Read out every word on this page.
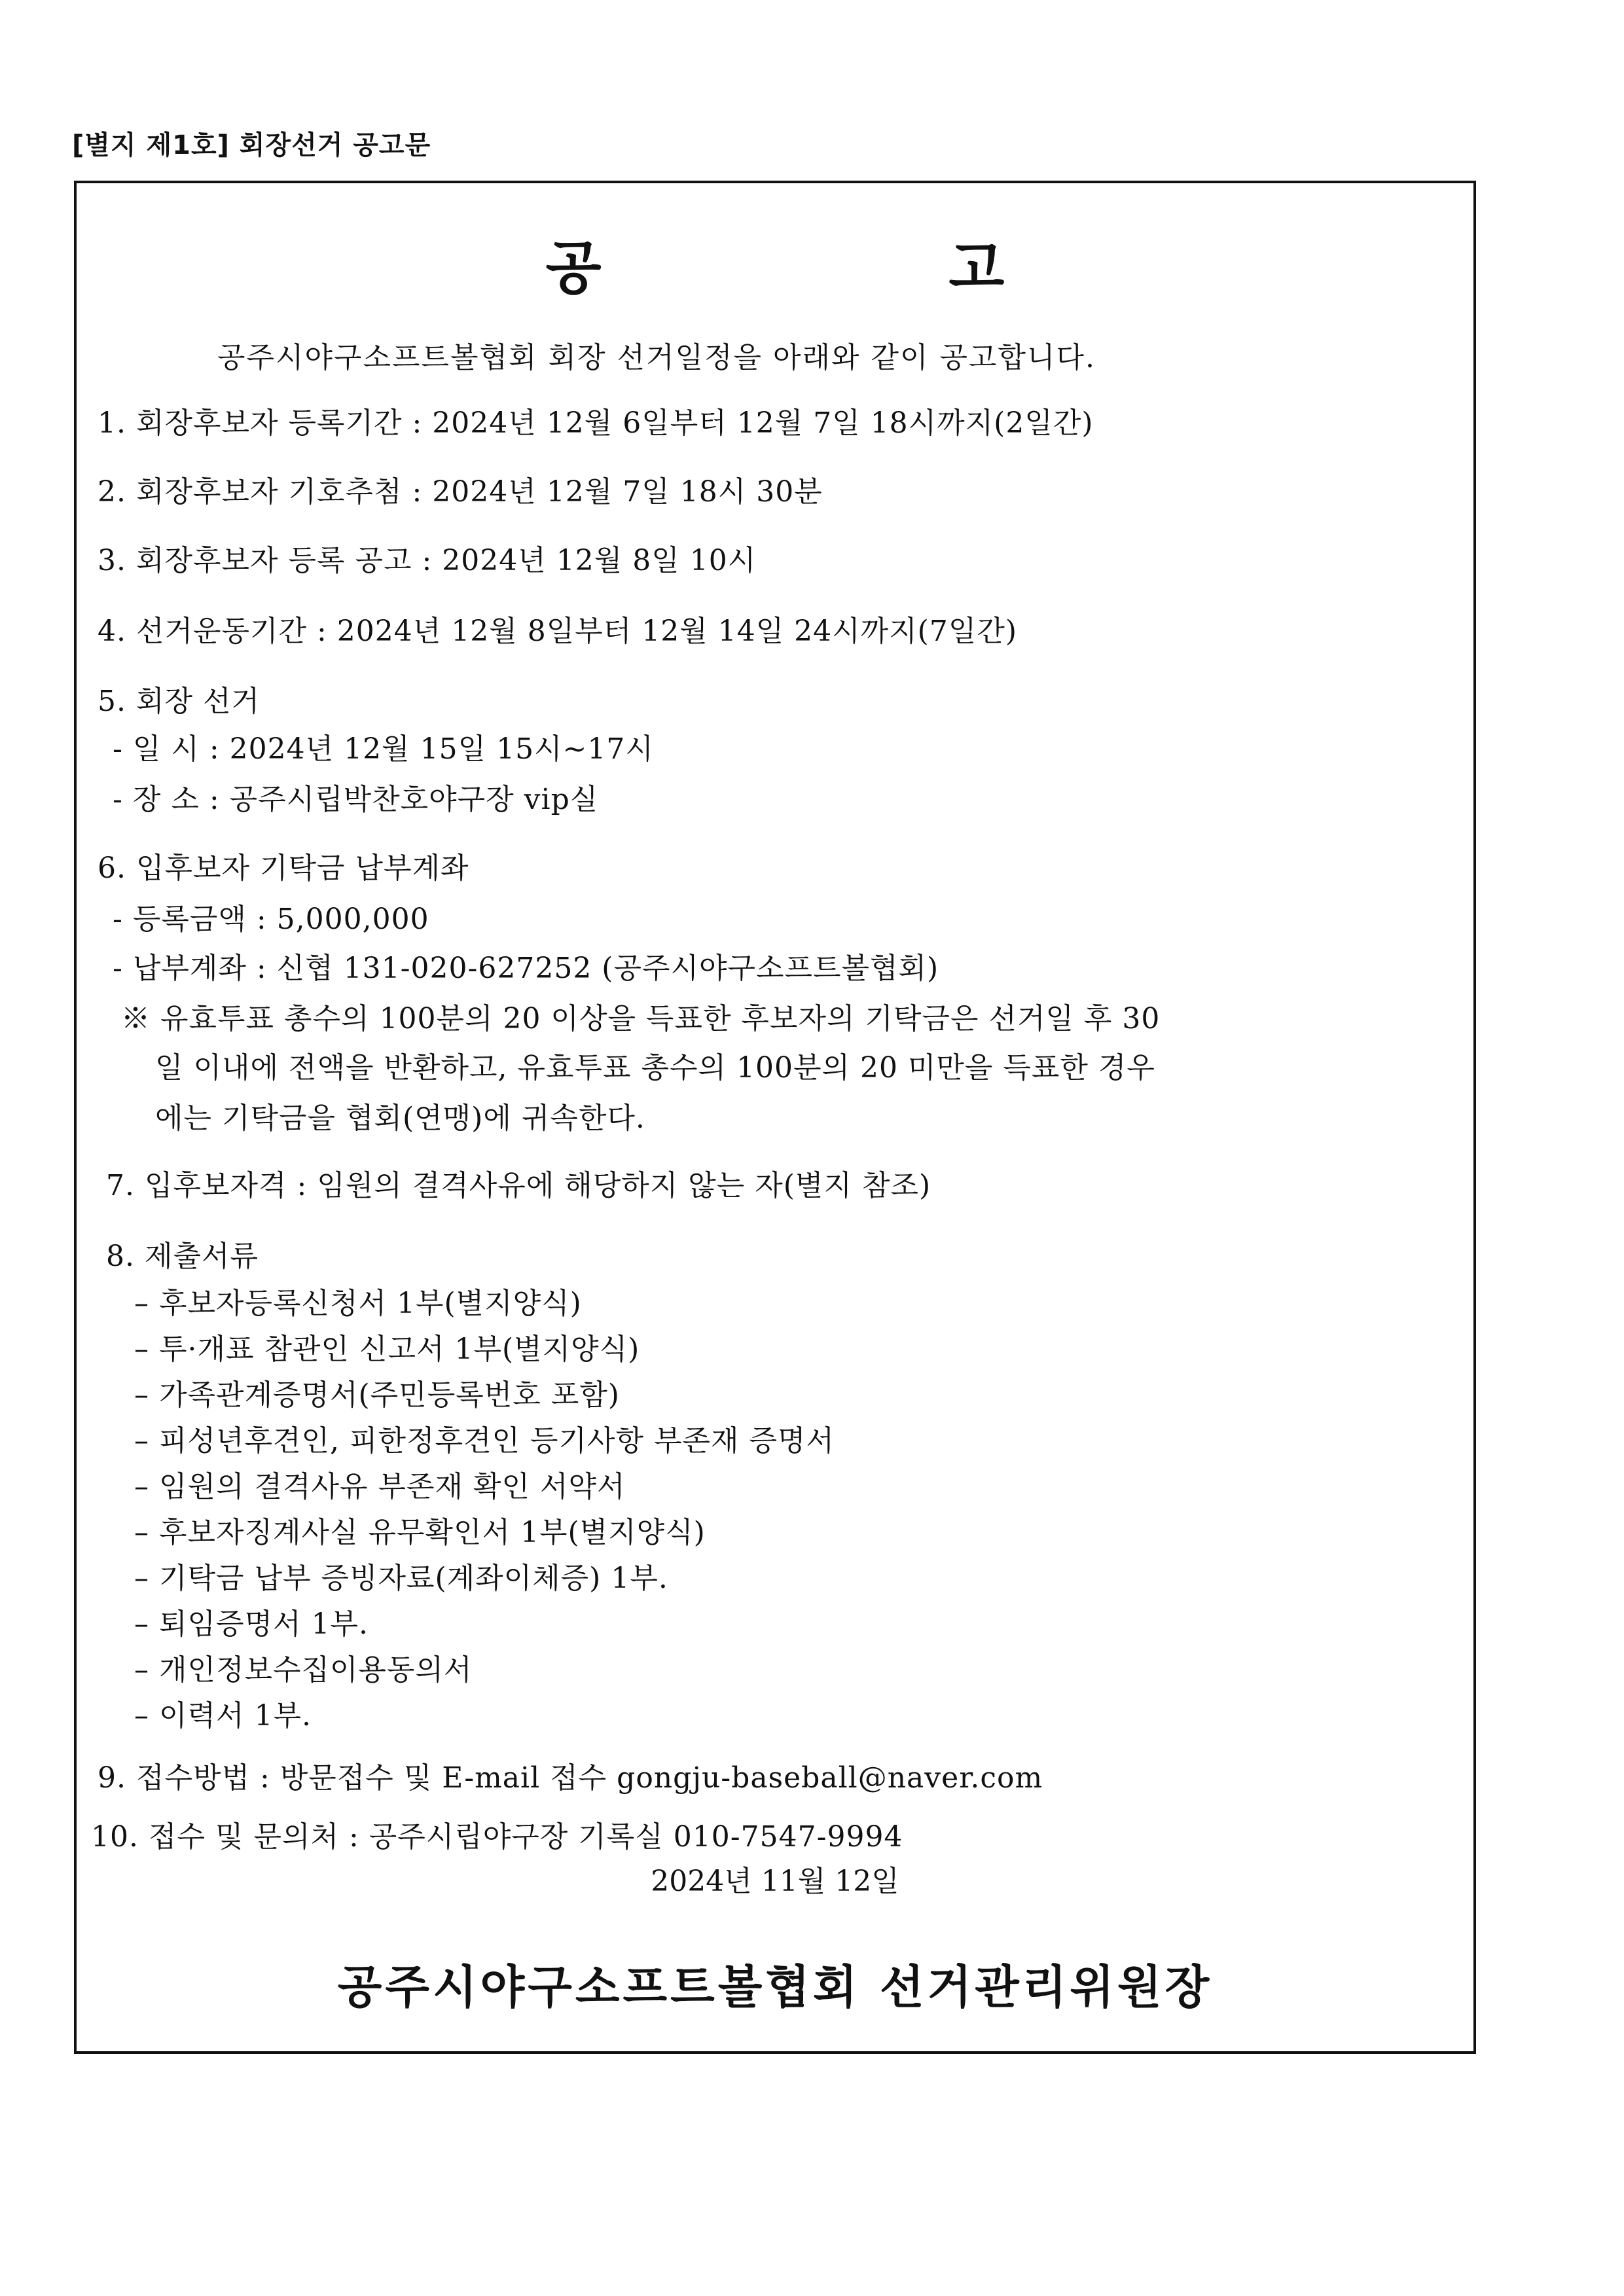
[별지 제1호] 회장선거 공고문
공 고
공주시야구소프트볼협회 회장 선거일정을 아래와 같이 공고합니다.
1. 회장후보자 등록기간 : 2024년 12월 6일부터 12월 7일 18시까지(2일간)
2. 회장후보자 기호추첨 : 2024년 12월 7일 18시 30분
3. 회장후보자 등록 공고 : 2024년 12월 8일 10시
4. 선거운동기간 : 2024년 12월 8일부터 12월 14일 24시까지(7일간)
5. 회장 선거
- 일 시 : 2024년 12월 15일 15시~17시
- 장 소 : 공주시립박찬호야구장 vip실
6. 입후보자 기탁금 납부계좌
- 등록금액 : 5,000,000
- 납부계좌 : 신협 131-020-627252 (공주시야구소프트볼협회)
※ 유효투표 총수의 100분의 20 이상을 득표한 후보자의 기탁금은 선거일 후 30
일 이내에 전액을 반환하고, 유효투표 총수의 100분의 20 미만을 득표한 경우
에는 기탁금을 협회(연맹)에 귀속한다.
7. 입후보자격 : 임원의 결격사유에 해당하지 않는 자(별지 참조)
8. 제출서류
– 후보자등록신청서 1부(별지양식)
– 투·개표 참관인 신고서 1부(별지양식)
– 가족관계증명서(주민등록번호 포함)
– 피성년후견인, 피한정후견인 등기사항 부존재 증명서
– 임원의 결격사유 부존재 확인 서약서
– 후보자징계사실 유무확인서 1부(별지양식)
– 기탁금 납부 증빙자료(계좌이체증) 1부.
– 퇴임증명서 1부.
– 개인정보수집이용동의서
– 이력서 1부.
9. 접수방법 : 방문접수 및 E-mail 접수 gongju-baseball@naver.com
10. 접수 및 문의처 : 공주시립야구장 기록실 010-7547-9994
2024년 11월 12일
공주시야구소프트볼협회 선거관리위원장
